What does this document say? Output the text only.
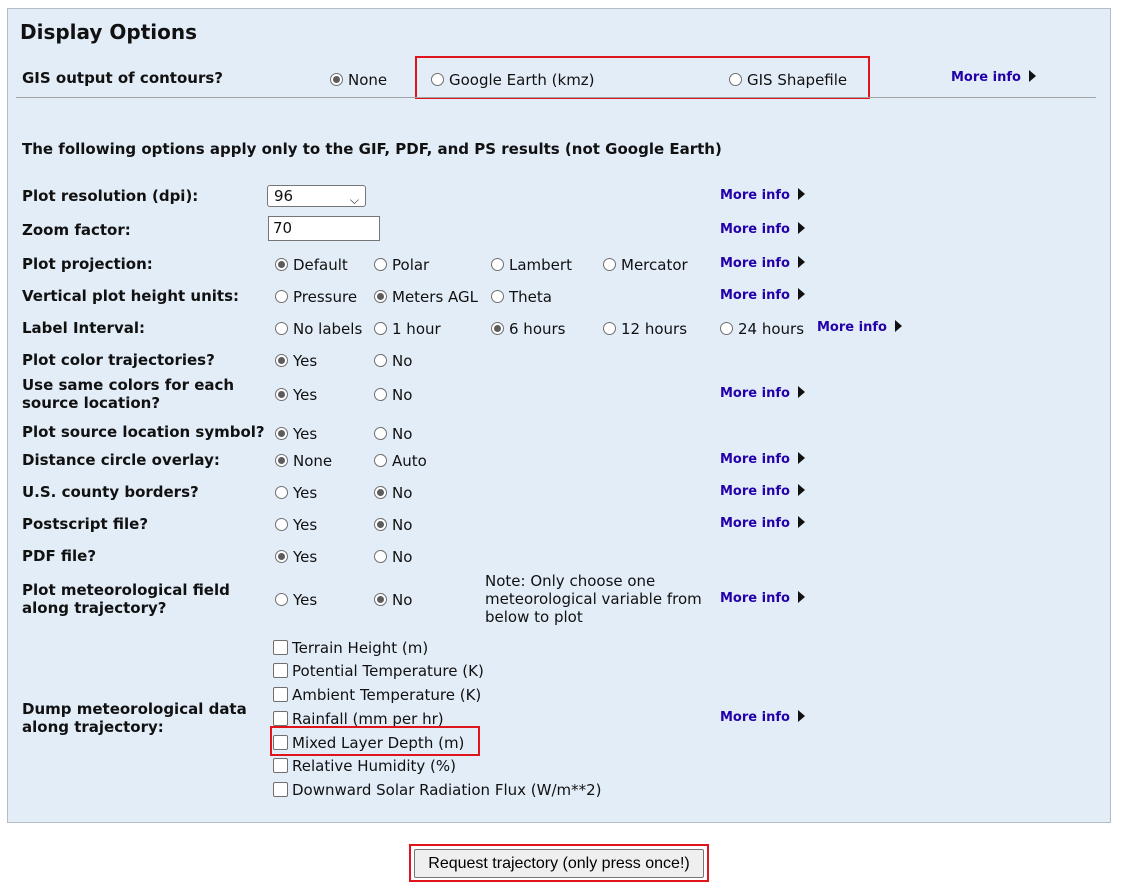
Display Options
GIS output of contours?	None	Google Earth (kmz)	GIS Shapefile	More info
The following options apply only to the GIF, PDF, and PS results (not Google Earth)
Plot resolution (dpi):	96	⌵	More info
Zoom factor:	70	More info
Plot projection:	Default	Polar	Lambert	Mercator More info
Vertical plot height units:	Pressure	Meters AGL	Theta	More info
Label Interval:	No labels	1 hour	6 hours	12 hours	24 hours More info
Plot color trajectories?	Yes	No
Use same colors for each
source location?	Yes	No	More info
Plot source location symbol?	Yes	No
Distance circle overlay:	None	Auto	More info
U.S. county borders?	Yes	No	More info
Postscript file?	Yes	No	More info
PDF file?	Yes	No
Plot meteorological field
along trajectory?	Yes	No
Note: Only choose one
meteorological variable from
below to plot
More info
Dump meteorological data
along trajectory:
Terrain Height (m)
Potential Temperature (K)
Ambient Temperature (K)
Rainfall (mm per hr)
Mixed Layer Depth (m)
Relative Humidity (%)
Downward Solar Radiation Flux (W/m**2)
More info
Request trajectory (only press once!)
